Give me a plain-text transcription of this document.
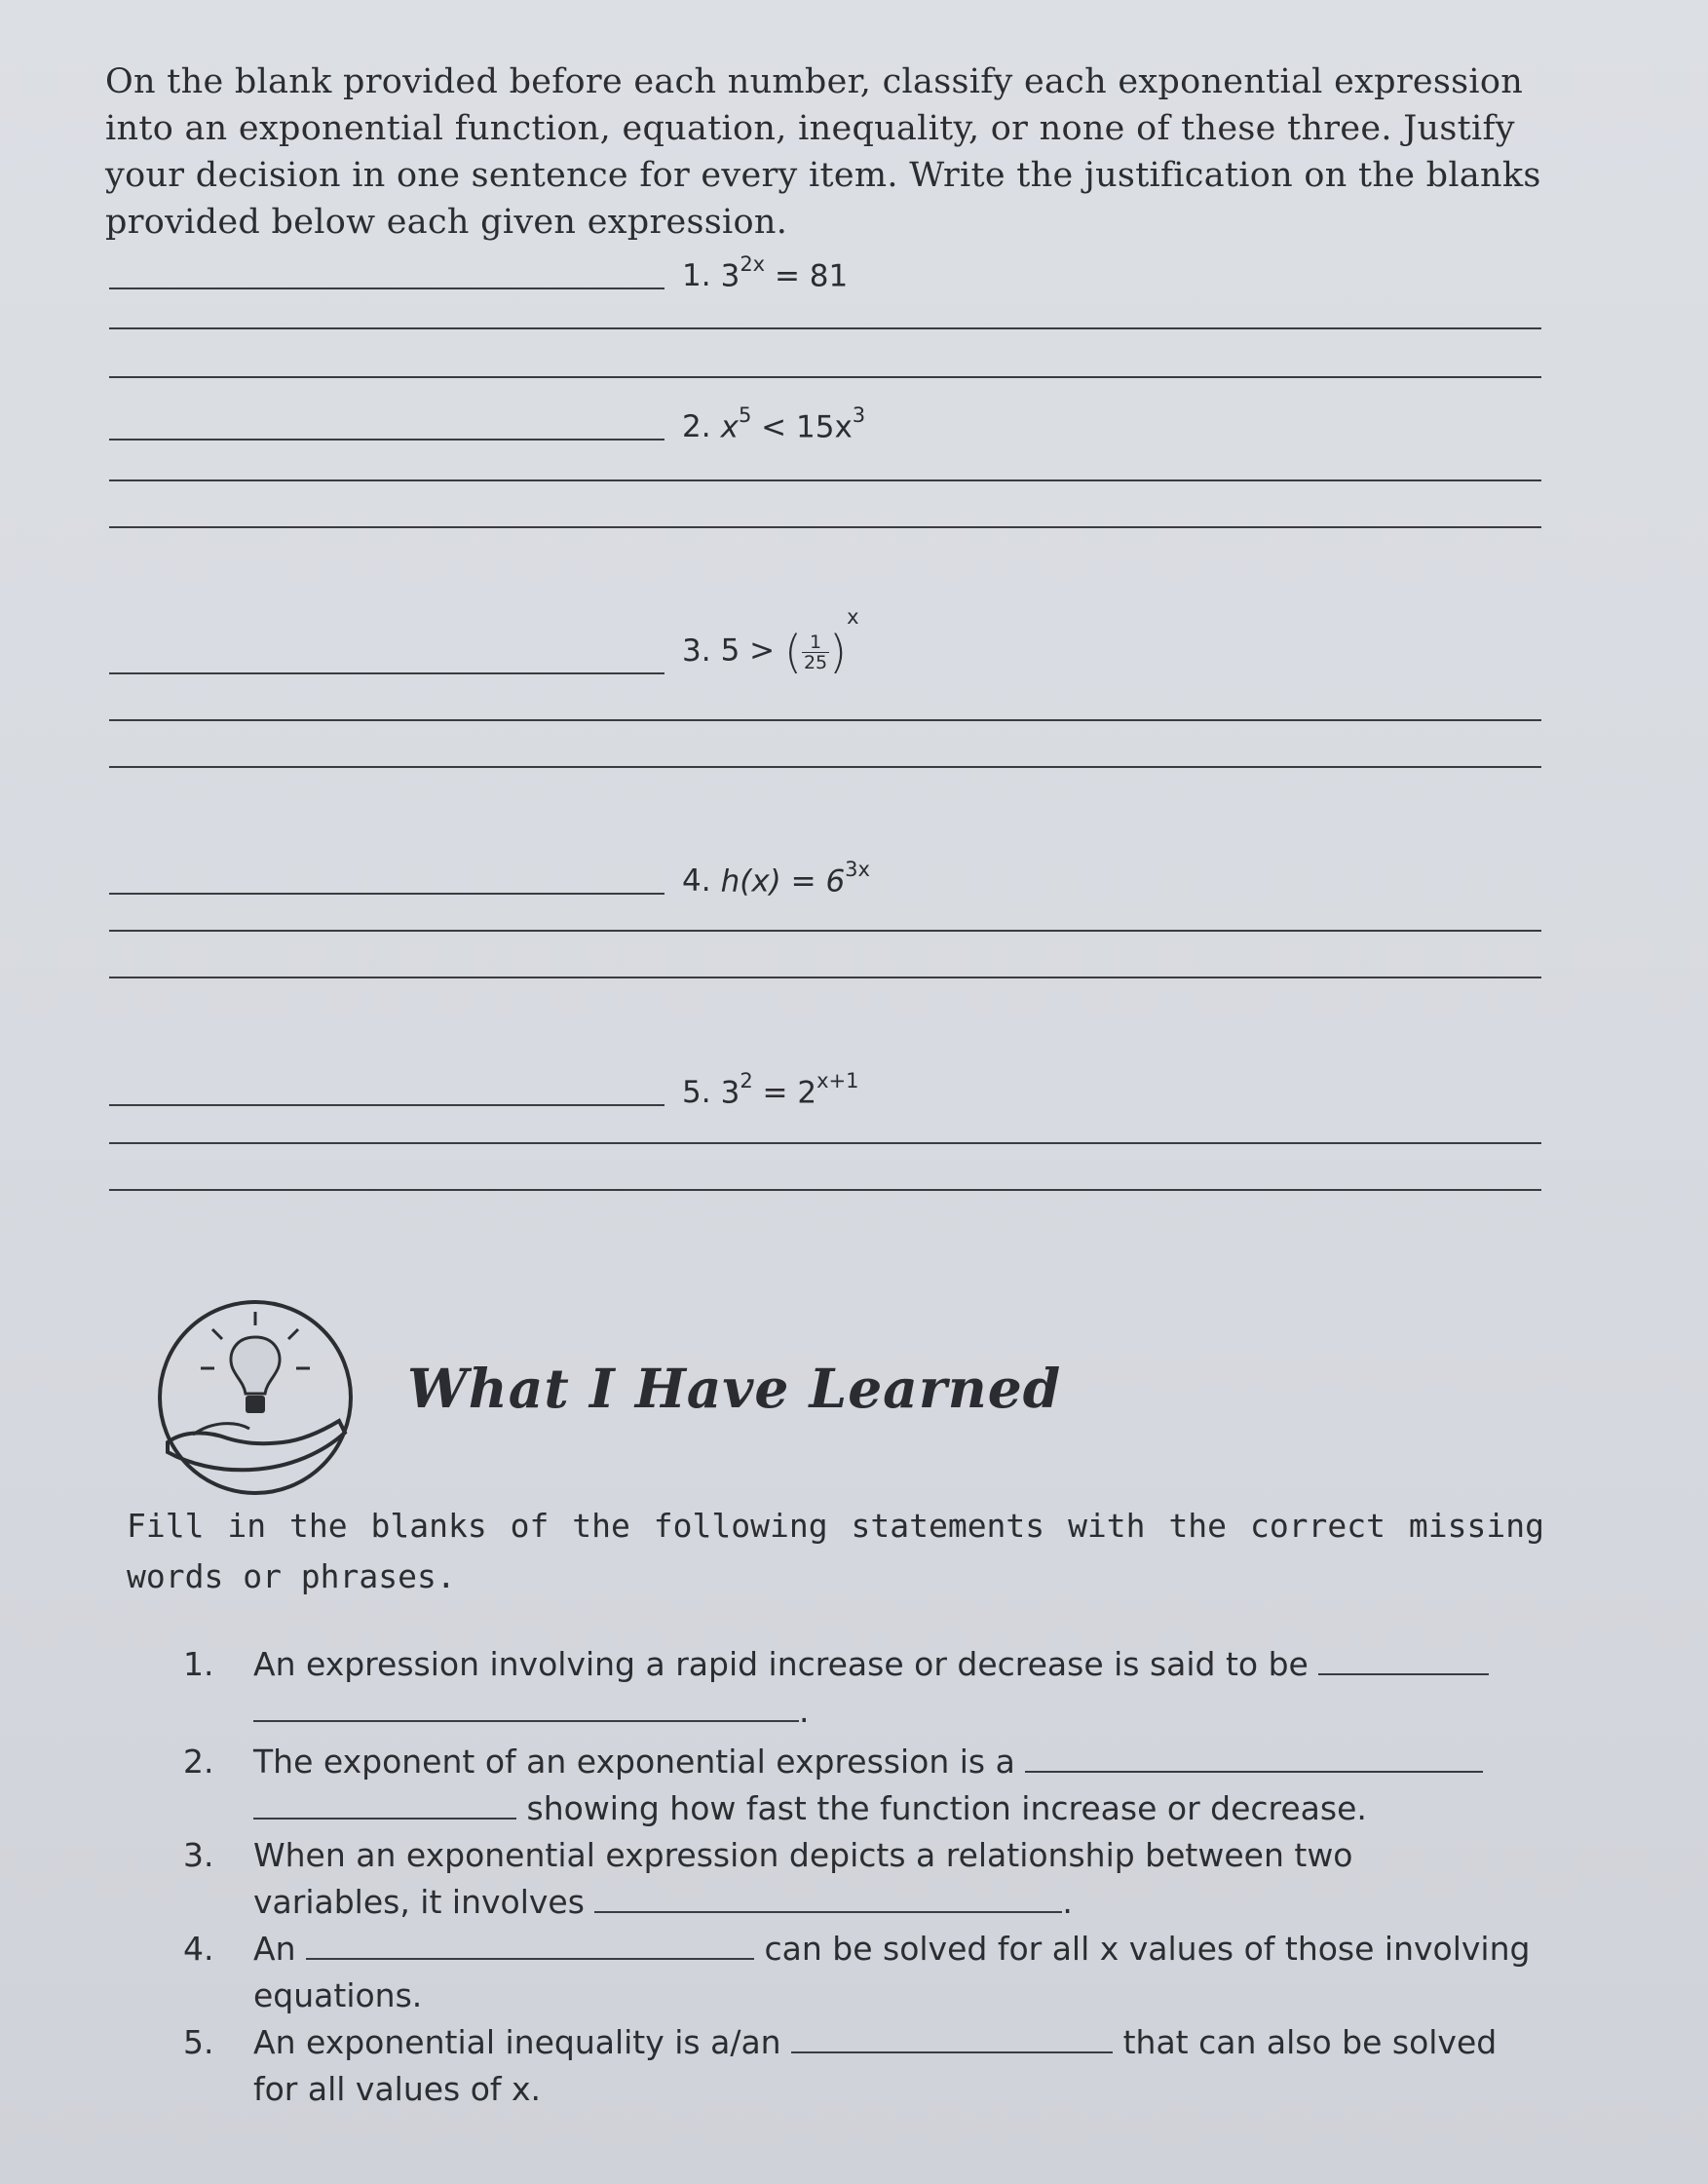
On the blank provided before each number, classify each exponential expression into an exponential function, equation, inequality, or none of these three. Justify your decision in one sentence for every item. Write the justification on the blanks provided below each given expression.
1. $3^{2x} = 81$
2. $x^5 < 15x^3$
3. 5 > ( $\frac{1}{25} )^x$
4. $h(x) = 6^{3x}$
5. $3^2 = 2^{x+1}$
What I Have Learned
Fill in the blanks of the following statements with the correct missing words or phrases.
1.	An expression involving a rapid increase or decrease is said to be
.
2.	The exponent of an exponential expression is a
showing how fast the function increase or decrease.
3.	When an exponential expression depicts a relationship between two variables, it involves	.
4.	An	can be solved for all x values of those involving equations.
5.	An exponential inequality is a/an	that can also be solved for all values of x.
